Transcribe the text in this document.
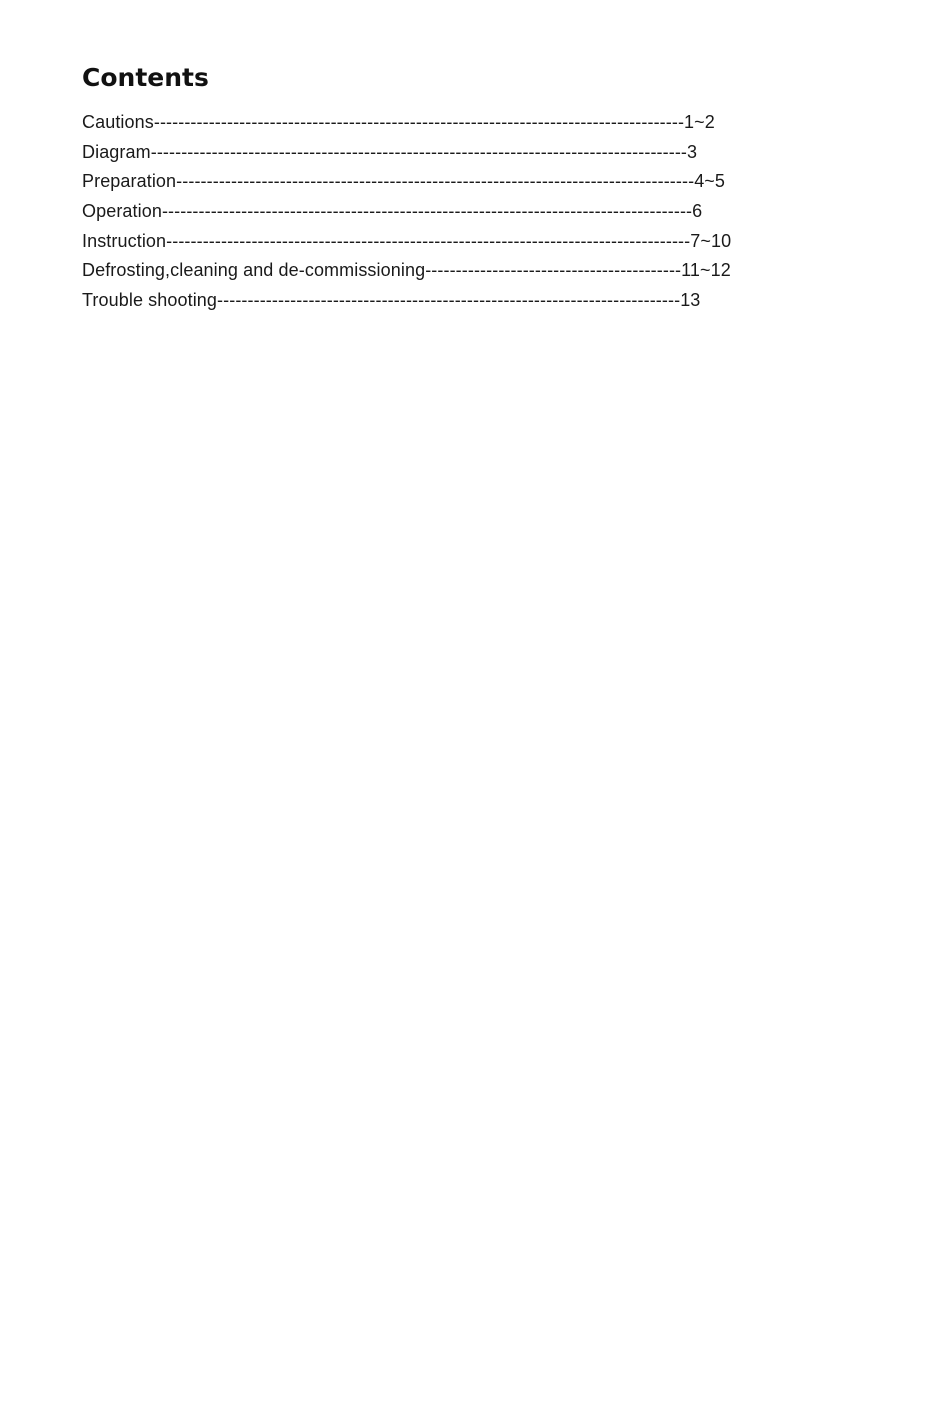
Contents
Cautions---------------------------------------------------------------------------------------1~2
Diagram----------------------------------------------------------------------------------------3
Preparation-------------------------------------------------------------------------------------4~5
Operation---------------------------------------------------------------------------------------6
Instruction--------------------------------------------------------------------------------------7~10
Defrosting,cleaning and de-commissioning------------------------------------------11~12
Trouble shooting----------------------------------------------------------------------------13
